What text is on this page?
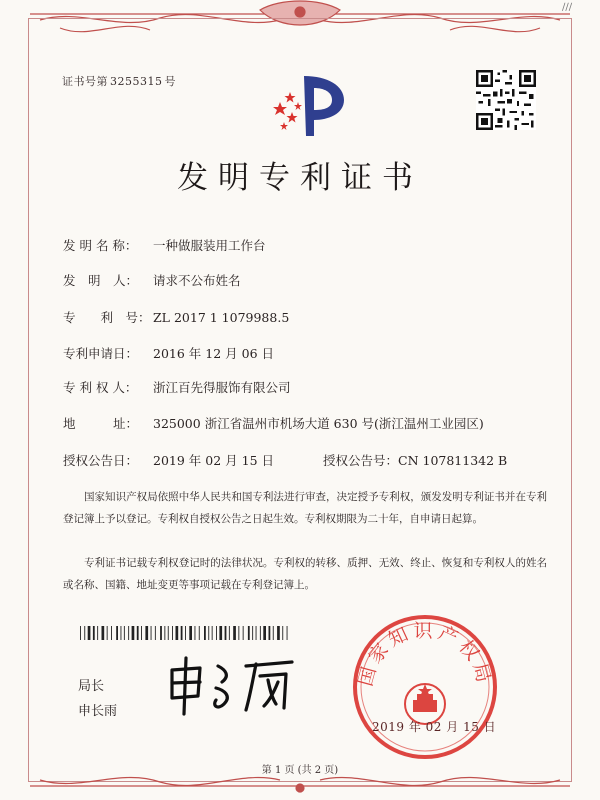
∕∕∕
证书号第 3255315 号
发明专利证书
发 明 名 称： 一种做服装用工作台
发　明　人： 请求不公布姓名
专　　利　号： ZL 2017 1 1079988.5
专利申请日： 2016 年 12 月 06 日
专 利 权 人： 浙江百先得服饰有限公司
地　　　址： 325000 浙江省温州市机场大道 630 号(浙江温州工业园区)
授权公告日： 2019 年 02 月 15 日	授权公告号：CN 107811342 B
国家知识产权局依照中华人民共和国专利法进行审查，决定授予专利权，颁发发明专利证书并在专利登记簿上予以登记。专利权自授权公告之日起生效。专利权期限为二十年，自申请日起算。
专利证书记载专利权登记时的法律状况。专利权的转移、质押、无效、终止、恢复和专利权人的姓名或名称、国籍、地址变更等事项记载在专利登记簿上。
局长
申长雨
国家知识产权局
2019 年 02 月 15 日
第 1 页 (共 2 页)
